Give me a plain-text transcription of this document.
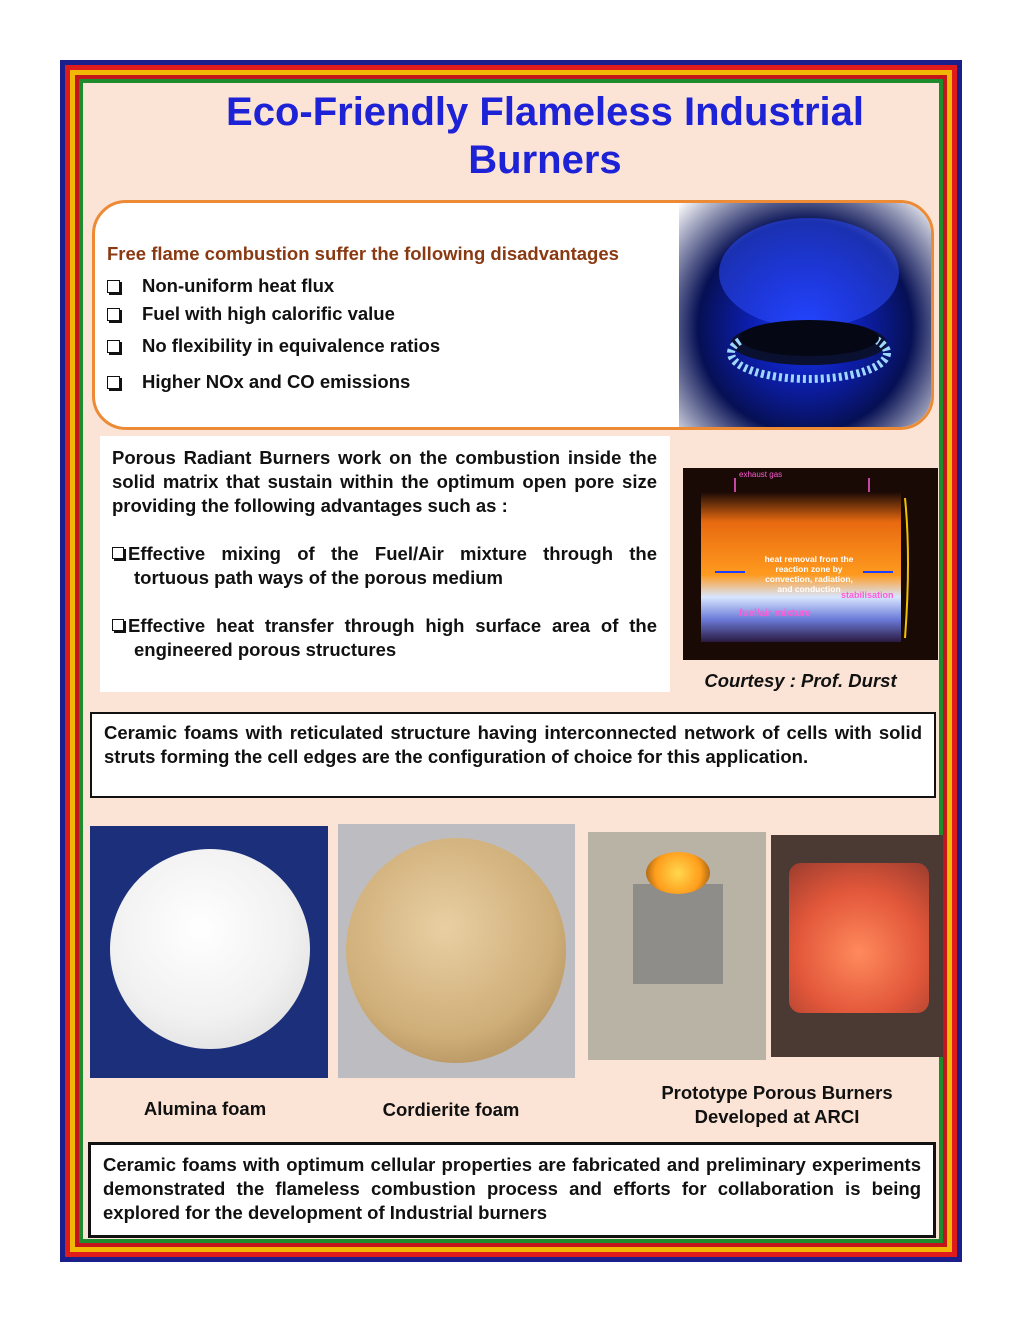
Eco-Friendly Flameless Industrial Burners
Free flame combustion suffer the following disadvantages
Non-uniform heat flux
Fuel with high calorific value
No flexibility in equivalence ratios
Higher NOx and CO emissions

Porous Radiant Burners work on the combustion inside the solid matrix that sustain within the optimum open pore size providing the following advantages such as :

Effective mixing of the Fuel/Air mixture through the tortuous path ways of the porous medium

Effective heat transfer through high surface area of the engineered porous structures

exhaust gas
heat removal from the reaction zone by convection, radiation, and conduction
fuel/air mixture
stabilisation
Courtesy : Prof. Durst
Ceramic foams with reticulated structure having interconnected network of cells with solid struts forming the cell edges are the configuration of choice for this application.
Alumina foam	Cordierite foam
Prototype Porous Burners Developed at ARCI
Ceramic foams with optimum cellular properties are fabricated and preliminary experiments demonstrated the flameless combustion process and efforts for collaboration is being explored for the development of Industrial burners
